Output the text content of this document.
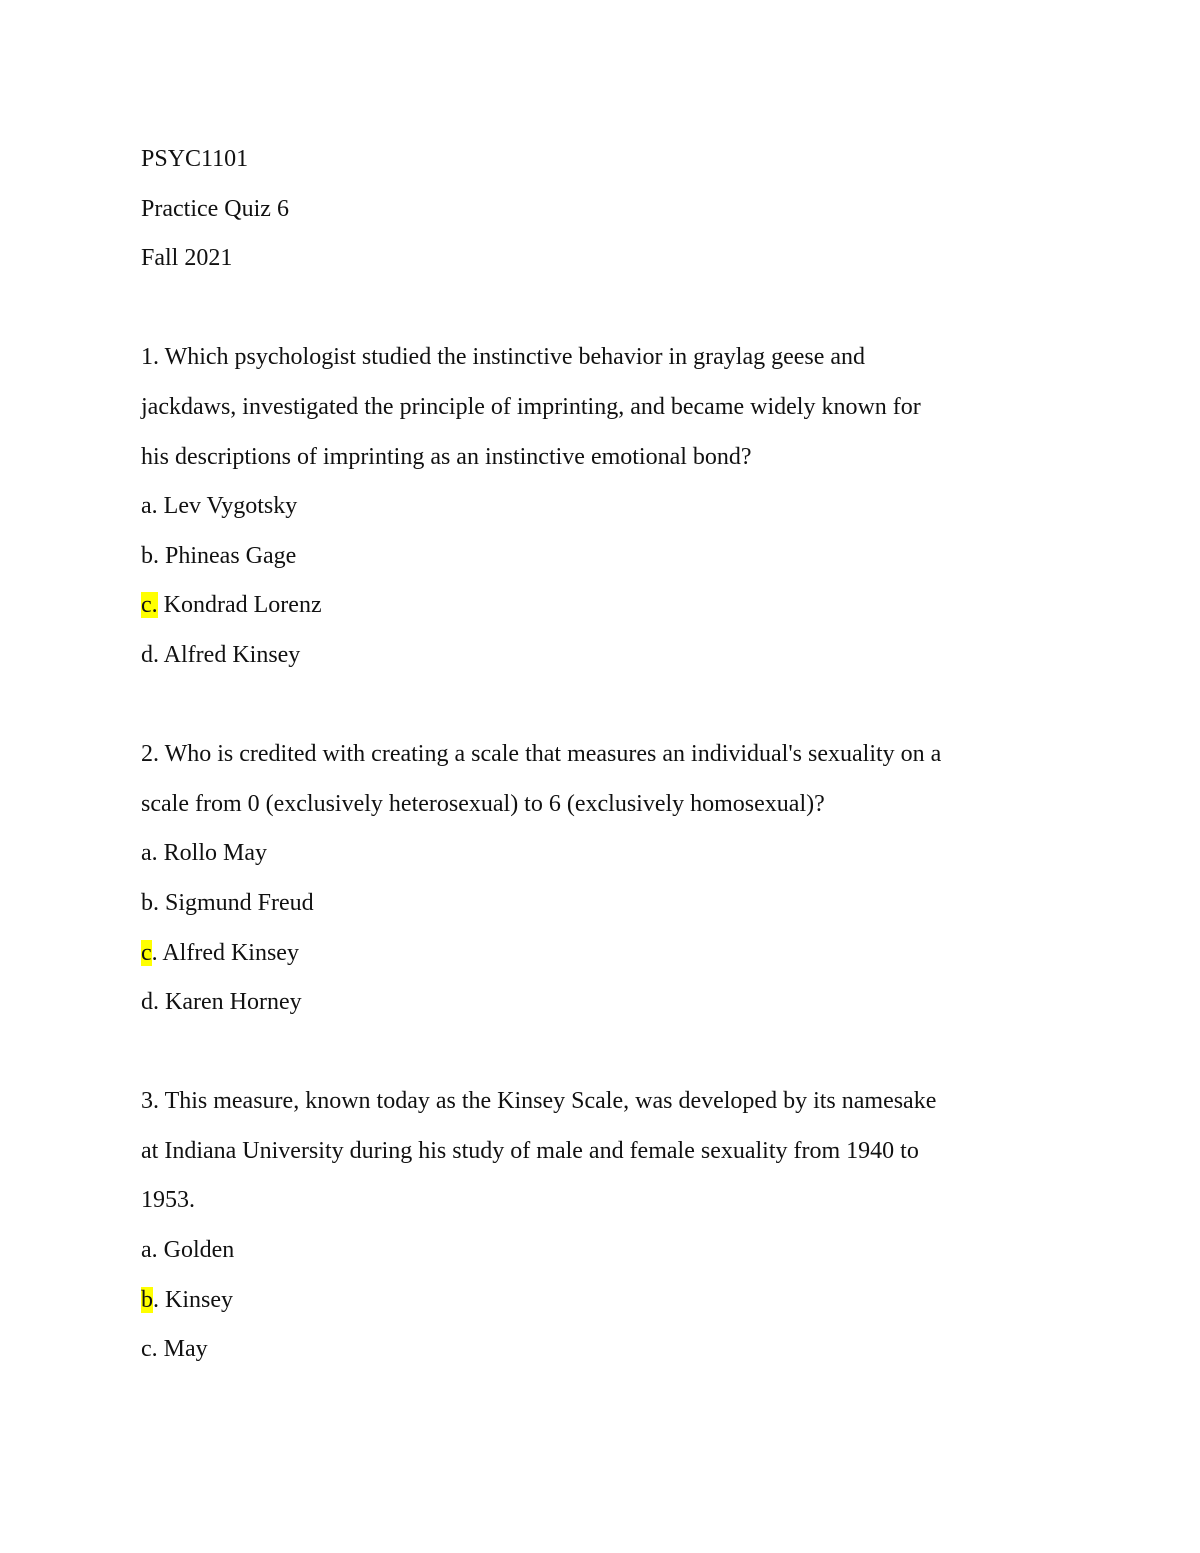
PSYC1101
Practice Quiz 6
Fall 2021
1. Which psychologist studied the instinctive behavior in graylag geese and
jackdaws, investigated the principle of imprinting, and became widely known for
his descriptions of imprinting as an instinctive emotional bond?
a. Lev Vygotsky
b. Phineas Gage
c. Kondrad Lorenz
d. Alfred Kinsey
2. Who is credited with creating a scale that measures an individual's sexuality on a
scale from 0 (exclusively heterosexual) to 6 (exclusively homosexual)?
a. Rollo May
b. Sigmund Freud
c. Alfred Kinsey
d. Karen Horney
3. This measure, known today as the Kinsey Scale, was developed by its namesake
at Indiana University during his study of male and female sexuality from 1940 to
1953.
a. Golden
b. Kinsey
c. May
